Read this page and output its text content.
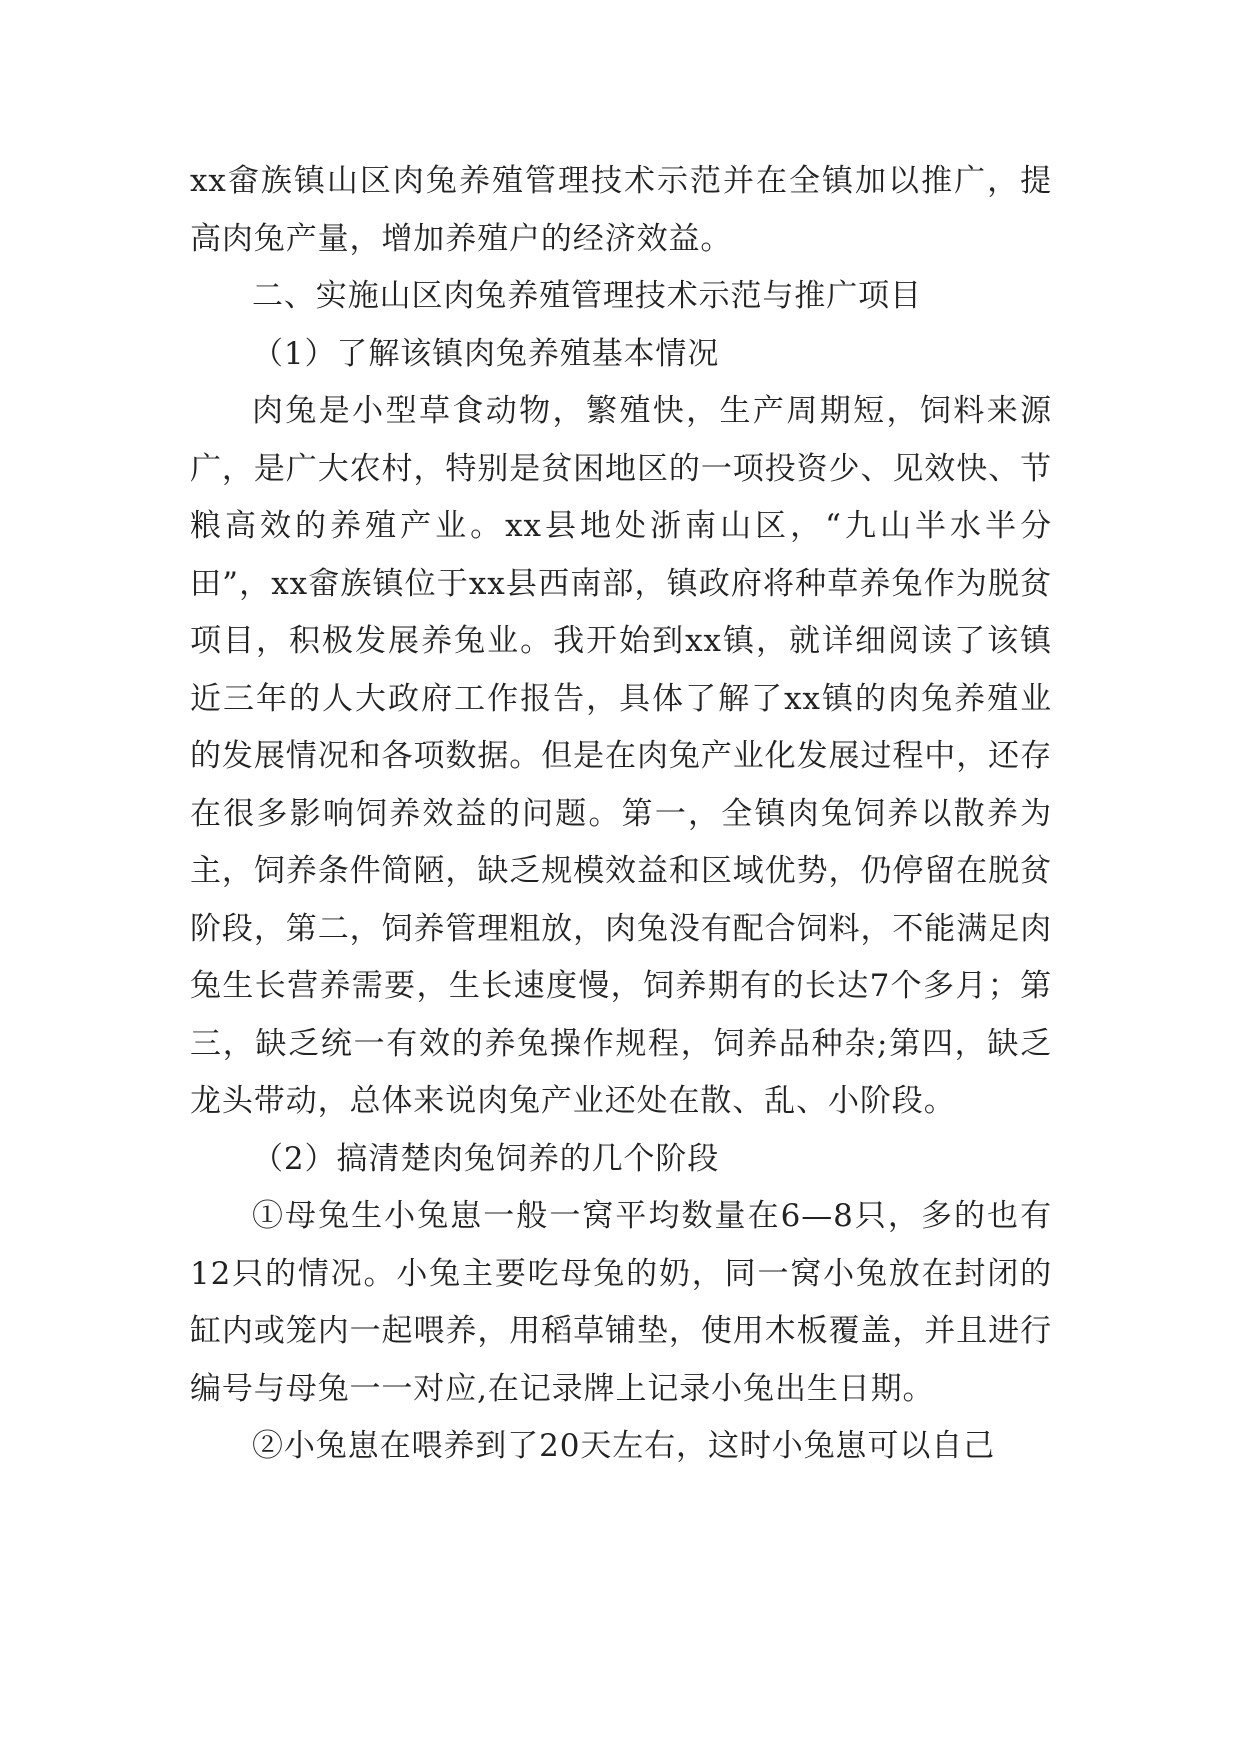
xx畲族镇山区肉兔养殖管理技术示范并在全镇加以推广，提高肉兔产量，增加养殖户的经济效益。

二、实施山区肉兔养殖管理技术示范与推广项目

（1）了解该镇肉兔养殖基本情况

肉兔是小型草食动物，繁殖快，生产周期短，饲料来源广，是广大农村，特别是贫困地区的一项投资少、见效快、节粮高效的养殖产业。xx县地处浙南山区，“九山半水半分田”，xx畲族镇位于xx县西南部，镇政府将种草养兔作为脱贫项目，积极发展养兔业。我开始到xx镇，就详细阅读了该镇近三年的人大政府工作报告，具体了解了xx镇的肉兔养殖业的发展情况和各项数据。但是在肉兔产业化发展过程中，还存在很多影响饲养效益的问题。第一，全镇肉兔饲养以散养为主，饲养条件简陋，缺乏规模效益和区域优势，仍停留在脱贫阶段，第二，饲养管理粗放，肉兔没有配合饲料，不能满足肉兔生长营养需要，生长速度慢，饲养期有的长达7个多月；第三，缺乏统一有效的养兔操作规程，饲养品种杂;第四，缺乏龙头带动，总体来说肉兔产业还处在散、乱、小阶段。

（2）搞清楚肉兔饲养的几个阶段

①母兔生小兔崽一般一窝平均数量在6—8只，多的也有12只的情况。小兔主要吃母兔的奶，同一窝小兔放在封闭的缸内或笼内一起喂养，用稻草铺垫，使用木板覆盖，并且进行编号与母兔一一对应,在记录牌上记录小兔出生日期。

②小兔崽在喂养到了20天左右，这时小兔崽可以自己
